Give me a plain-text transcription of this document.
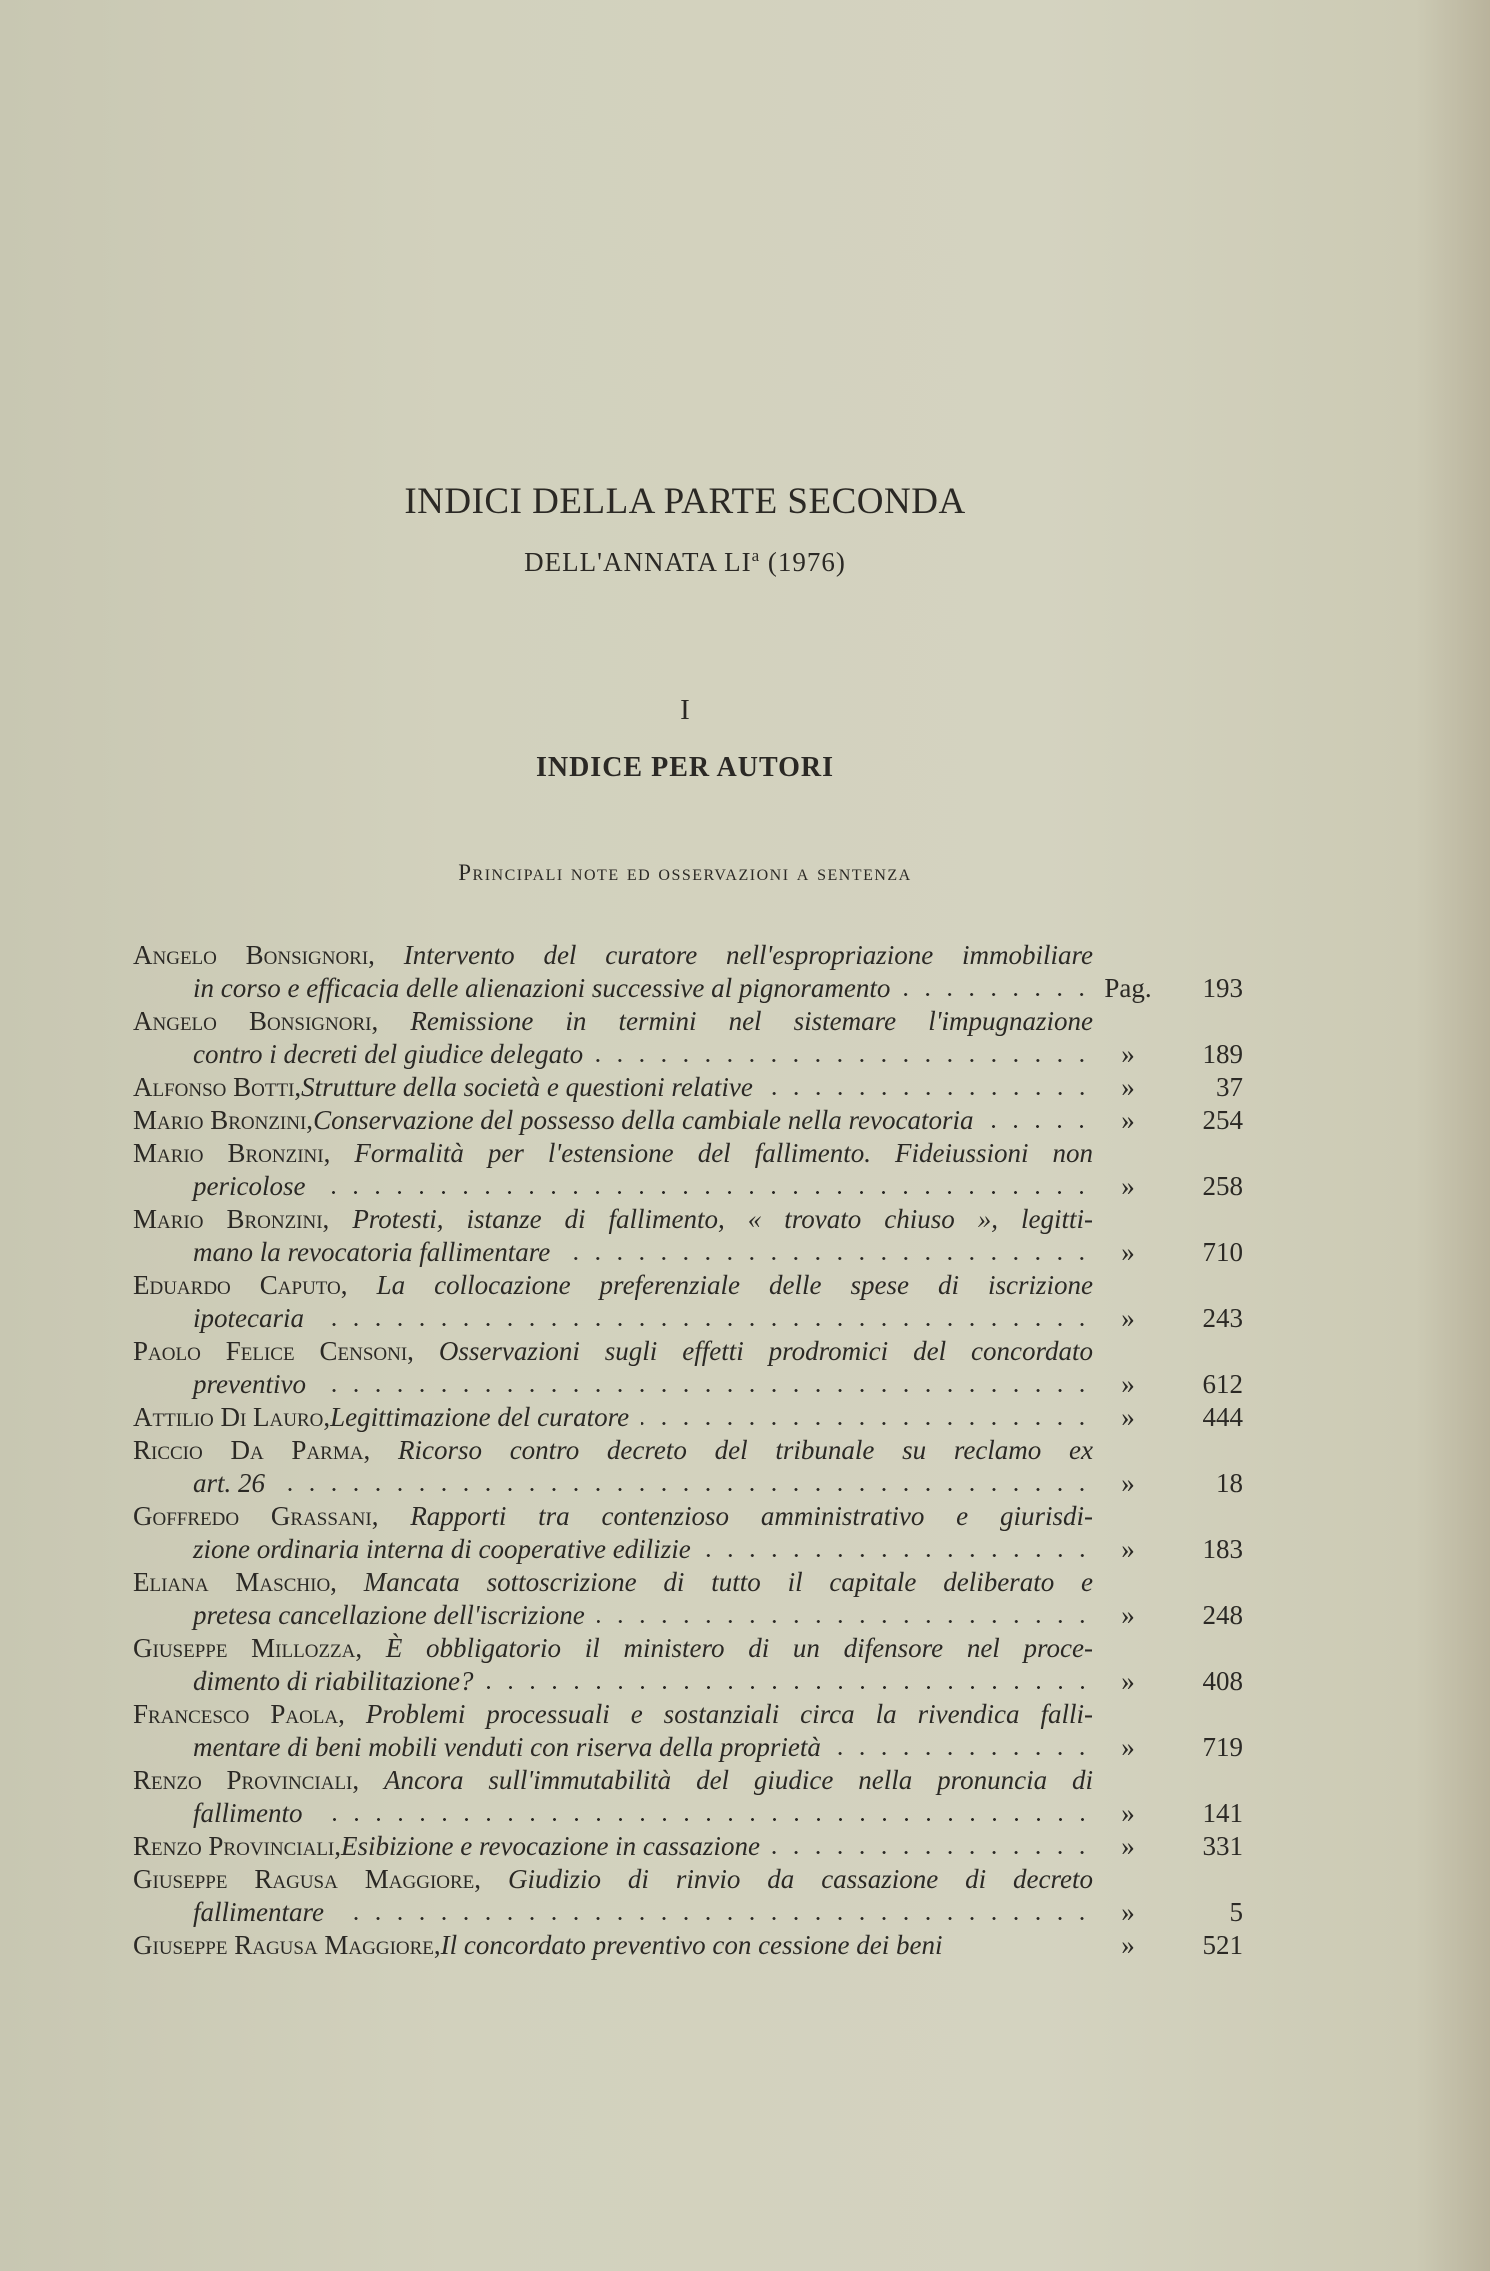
INDICI DELLA PARTE SECONDA
DELL'ANNATA $LI^a$ (1976)
I
INDICE PER AUTORI
Principali note ed osservazioni a sentenza
Angelo Bonsignori, Intervento del curatore nell'espropriazione immobiliare
in corso e efficacia delle alienazioni successive al pignoramento	Pag.	193
Angelo Bonsignori, Remissione in termini nel sistemare l'impugnazione
contro i decreti del giudice delegato	»	189
Alfonso Botti, Strutture della società e questioni relative	»	37
Mario Bronzini, Conservazione del possesso della cambiale nella revocatoria	»	254
Mario Bronzini, Formalità per l'estensione del fallimento. Fideiussioni non
pericolose	»	258
Mario Bronzini, Protesti, istanze di fallimento, « trovato chiuso », legitti-
mano la revocatoria fallimentare	»	710
Eduardo Caputo, La collocazione preferenziale delle spese di iscrizione
ipotecaria	»	243
Paolo Felice Censoni, Osservazioni sugli effetti prodromici del concordato
preventivo	»	612
Attilio Di Lauro, Legittimazione del curatore	»	444
Riccio Da Parma, Ricorso contro decreto del tribunale su reclamo ex
art. 26	»	18
Goffredo Grassani, Rapporti tra contenzioso amministrativo e giurisdi-
zione ordinaria interna di cooperative edilizie	»	183
Eliana Maschio, Mancata sottoscrizione di tutto il capitale deliberato e
pretesa cancellazione dell'iscrizione	»	248
Giuseppe Millozza, È obbligatorio il ministero di un difensore nel proce-
dimento di riabilitazione?	»	408
Francesco Paola, Problemi processuali e sostanziali circa la rivendica falli-
mentare di beni mobili venduti con riserva della proprietà	»	719
Renzo Provinciali, Ancora sull'immutabilità del giudice nella pronuncia di
fallimento	»	141
Renzo Provinciali, Esibizione e revocazione in cassazione	»	331
Giuseppe Ragusa Maggiore, Giudizio di rinvio da cassazione di decreto
fallimentare	»	5
Giuseppe Ragusa Maggiore, Il concordato preventivo con cessione dei beni	»	521
